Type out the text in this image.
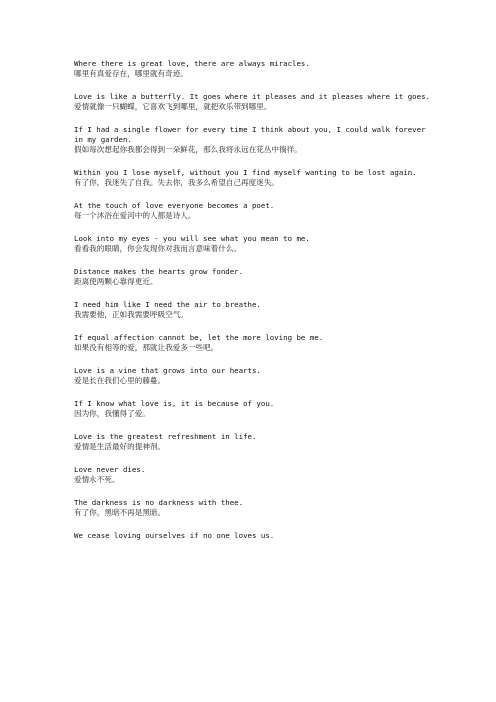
Where there is great love, there are always miracles.
哪里有真爱存在，哪里就有奇迹。
Love is like a butterfly. It goes where it pleases and it pleases where it goes.
爱情就像一只蝴蝶，它喜欢飞到哪里，就把欢乐带到哪里。
If I had a single flower for every time I think about you, I could walk forever in my garden.
假如每次想起你我都会得到一朵鲜花，那么我将永远在花丛中徜徉。
Within you I lose myself, without you I find myself wanting to be lost again.
有了你，我迷失了自我。失去你，我多么希望自己再度迷失。
At the touch of love everyone becomes a poet.
每一个沐浴在爱河中的人都是诗人。
Look into my eyes - you will see what you mean to me.
看看我的眼睛，你会发现你对我而言意味着什么。
Distance makes the hearts grow fonder.
距离使两颗心靠得更近。
I need him like I need the air to breathe.
我需要他，正如我需要呼吸空气。
If equal affection cannot be, let the more loving be me.
如果没有相等的爱，那就让我爱多一些吧。
Love is a vine that grows into our hearts.
爱是长在我们心里的藤蔓。
If I know what love is, it is because of you.
因为你，我懂得了爱。
Love is the greatest refreshment in life.
爱情是生活最好的提神剂。
Love never dies.
爱情永不死。
The darkness is no darkness with thee.
有了你，黑暗不再是黑暗。
We cease loving ourselves if no one loves us.
